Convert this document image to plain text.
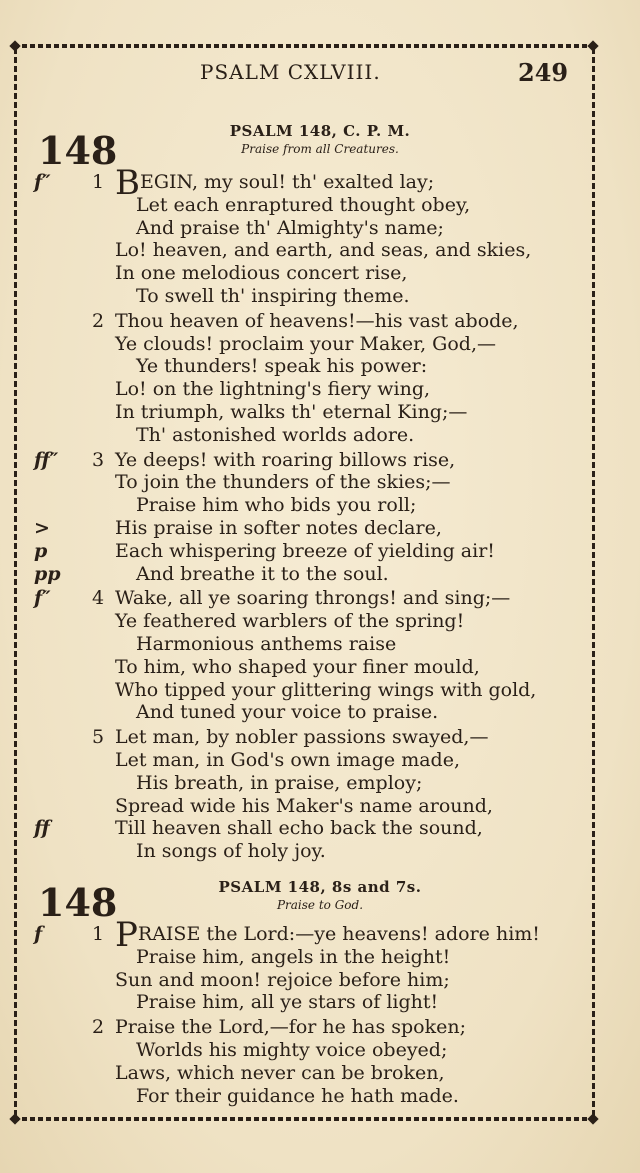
PSALM CXLVIII.	249
148	PSALM 148, C. P. M.
Praise from all Creatures.
1
f″ BEGIN, my soul! th' exalted lay;
Let each enraptured thought obey,
And praise th' Almighty's name;
Lo! heaven, and earth, and seas, and skies,
In one melodious concert rise,
To swell th' inspiring theme.
2 Thou heaven of heavens!—his vast abode,
Ye clouds! proclaim your Maker, God,—
Ye thunders! speak his power:
Lo! on the lightning's fiery wing,
In triumph, walks th' eternal King;—
Th' astonished worlds adore.
3
ff″	Ye deeps! with roaring billows rise,
To join the thunders of the skies;—
Praise him who bids you roll;
>	His praise in softer notes declare,
p	Each whispering breeze of yielding air!
pp	And breathe it to the soul.
4
f″	Wake, all ye soaring throngs! and sing;—
Ye feathered warblers of the spring!
Harmonious anthems raise
To him, who shaped your finer mould,
Who tipped your glittering wings with gold,
And tuned your voice to praise.
5 Let man, by nobler passions swayed,—
Let man, in God's own image made,
His breath, in praise, employ;
Spread wide his Maker's name around,
ff	Till heaven shall echo back the sound,
In songs of holy joy.
148	PSALM 148, 8s and 7s.
Praise to God.
1
f PRAISE the Lord:—ye heavens! adore him!
Praise him, angels in the height!
Sun and moon! rejoice before him;
Praise him, all ye stars of light!
2 Praise the Lord,—for he has spoken;
Worlds his mighty voice obeyed;
Laws, which never can be broken,
For their guidance he hath made.
